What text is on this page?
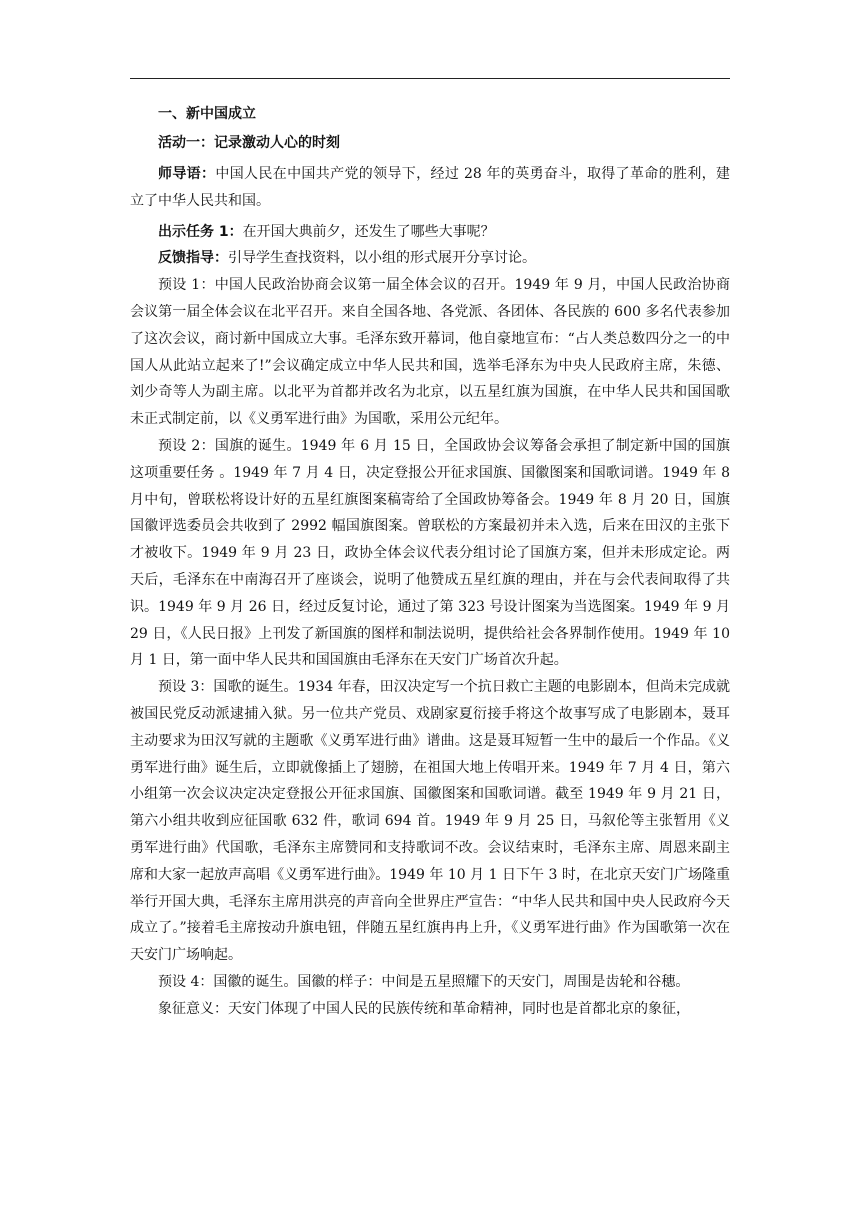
一、新中国成立

活动一：记录激动人心的时刻

师导语：中国人民在中国共产党的领导下，经过 28 年的英勇奋斗，取得了革命的胜利，建立了中华人民共和国。

出示任务 1：在开国大典前夕，还发生了哪些大事呢？

反馈指导：引导学生查找资料，以小组的形式展开分享讨论。

预设 1：中国人民政治协商会议第一届全体会议的召开。1949 年 9 月，中国人民政治协商会议第一届全体会议在北平召开。来自全国各地、各党派、各团体、各民族的 600 多名代表参加了这次会议，商讨新中国成立大事。毛泽东致开幕词，他自豪地宣布：“占人类总数四分之一的中国人从此站立起来了!”会议确定成立中华人民共和国，选举毛泽东为中央人民政府主席，朱德、刘少奇等人为副主席。以北平为首都并改名为北京，以五星红旗为国旗，在中华人民共和国国歌未正式制定前，以《义勇军进行曲》为国歌，采用公元纪年。

预设 2：国旗的诞生。1949 年 6 月 15 日，全国政协会议筹备会承担了制定新中国的国旗这项重要任务 。1949 年 7 月 4 日，决定登报公开征求国旗、国徽图案和国歌词谱。1949 年 8 月中旬，曾联松将设计好的五星红旗图案稿寄给了全国政协筹备会。1949 年 8 月 20 日，国旗国徽评选委员会共收到了 2992 幅国旗图案。曾联松的方案最初并未入选，后来在田汉的主张下才被收下。1949 年 9 月 23 日，政协全体会议代表分组讨论了国旗方案，但并未形成定论。两天后，毛泽东在中南海召开了座谈会，说明了他赞成五星红旗的理由，并在与会代表间取得了共识。1949 年 9 月 26 日，经过反复讨论，通过了第 323 号设计图案为当选图案。1949 年 9 月 29 日，《人民日报》上刊发了新国旗的图样和制法说明，提供给社会各界制作使用。1949 年 10 月 1 日，第一面中华人民共和国国旗由毛泽东在天安门广场首次升起。

预设 3：国歌的诞生。1934 年春，田汉决定写一个抗日救亡主题的电影剧本，但尚未完成就被国民党反动派逮捕入狱。另一位共产党员、戏剧家夏衍接手将这个故事写成了电影剧本，聂耳主动要求为田汉写就的主题歌《义勇军进行曲》谱曲。这是聂耳短暂一生中的最后一个作品。《义勇军进行曲》诞生后，立即就像插上了翅膀，在祖国大地上传唱开来。1949 年 7 月 4 日，第六小组第一次会议决定决定登报公开征求国旗、国徽图案和国歌词谱。截至 1949 年 9 月 21 日，第六小组共收到应征国歌 632 件，歌词 694 首。1949 年 9 月 25 日，马叙伦等主张暂用《义勇军进行曲》代国歌，毛泽东主席赞同和支持歌词不改。会议结束时，毛泽东主席、周恩来副主席和大家一起放声高唱《义勇军进行曲》。1949 年 10 月 1 日下午 3 时，在北京天安门广场隆重举行开国大典，毛泽东主席用洪亮的声音向全世界庄严宣告：“中华人民共和国中央人民政府今天成立了。”接着毛主席按动升旗电钮，伴随五星红旗冉冉上升，《义勇军进行曲》作为国歌第一次在天安门广场响起。

预设 4：国徽的诞生。国徽的样子：中间是五星照耀下的天安门，周围是齿轮和谷穗。

象征意义：天安门体现了中国人民的民族传统和革命精神，同时也是首都北京的象征，
